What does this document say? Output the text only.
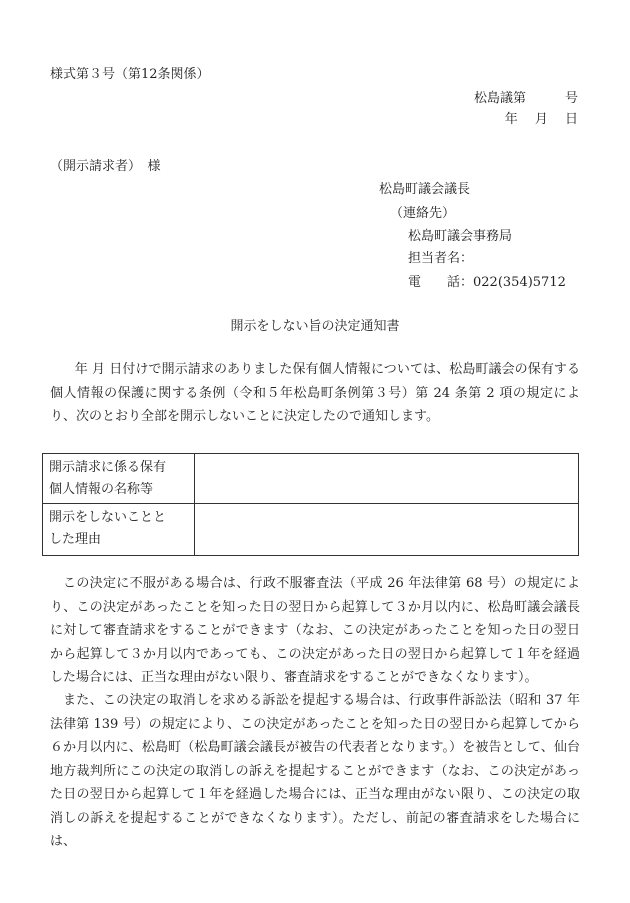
様式第３号（第12条関係）
松島議第　　　号
年　 月　 日
（開示請求者）　様
松島町議会議長
（連絡先）
松島町議会事務局
担当者名：
電　　話：022(354)5712
開示をしない旨の決定通知書
年 月 日付けで開示請求のありました保有個人情報については、松島町議会の保有する個人情報の保護に関する条例（令和５年松島町条例第３号）第 24 条第 2 項の規定により、次のとおり全部を開示しないことに決定したので通知します。
開示請求に係る保有
個人情報の名称等	

開示をしないことと
した理由	

この決定に不服がある場合は、行政不服審査法（平成 26 年法律第 68 号）の規定により、この決定があったことを知った日の翌日から起算して３か月以内に、松島町議会議長に対して審査請求をすることができます（なお、この決定があったことを知った日の翌日から起算して３か月以内であっても、この決定があった日の翌日から起算して１年を経過した場合には、正当な理由がない限り、審査請求をすることができなくなります）。
また、この決定の取消しを求める訴訟を提起する場合は、行政事件訴訟法（昭和 37 年法律第 139 号）の規定により、この決定があったことを知った日の翌日から起算してから６か月以内に、松島町（松島町議会議長が被告の代表者となります。）を被告として、仙台地方裁判所にこの決定の取消しの訴えを提起することができます（なお、この決定があった日の翌日から起算して１年を経過した場合には、正当な理由がない限り、この決定の取消しの訴えを提起することができなくなります）。ただし、前記の審査請求をした場合には、
